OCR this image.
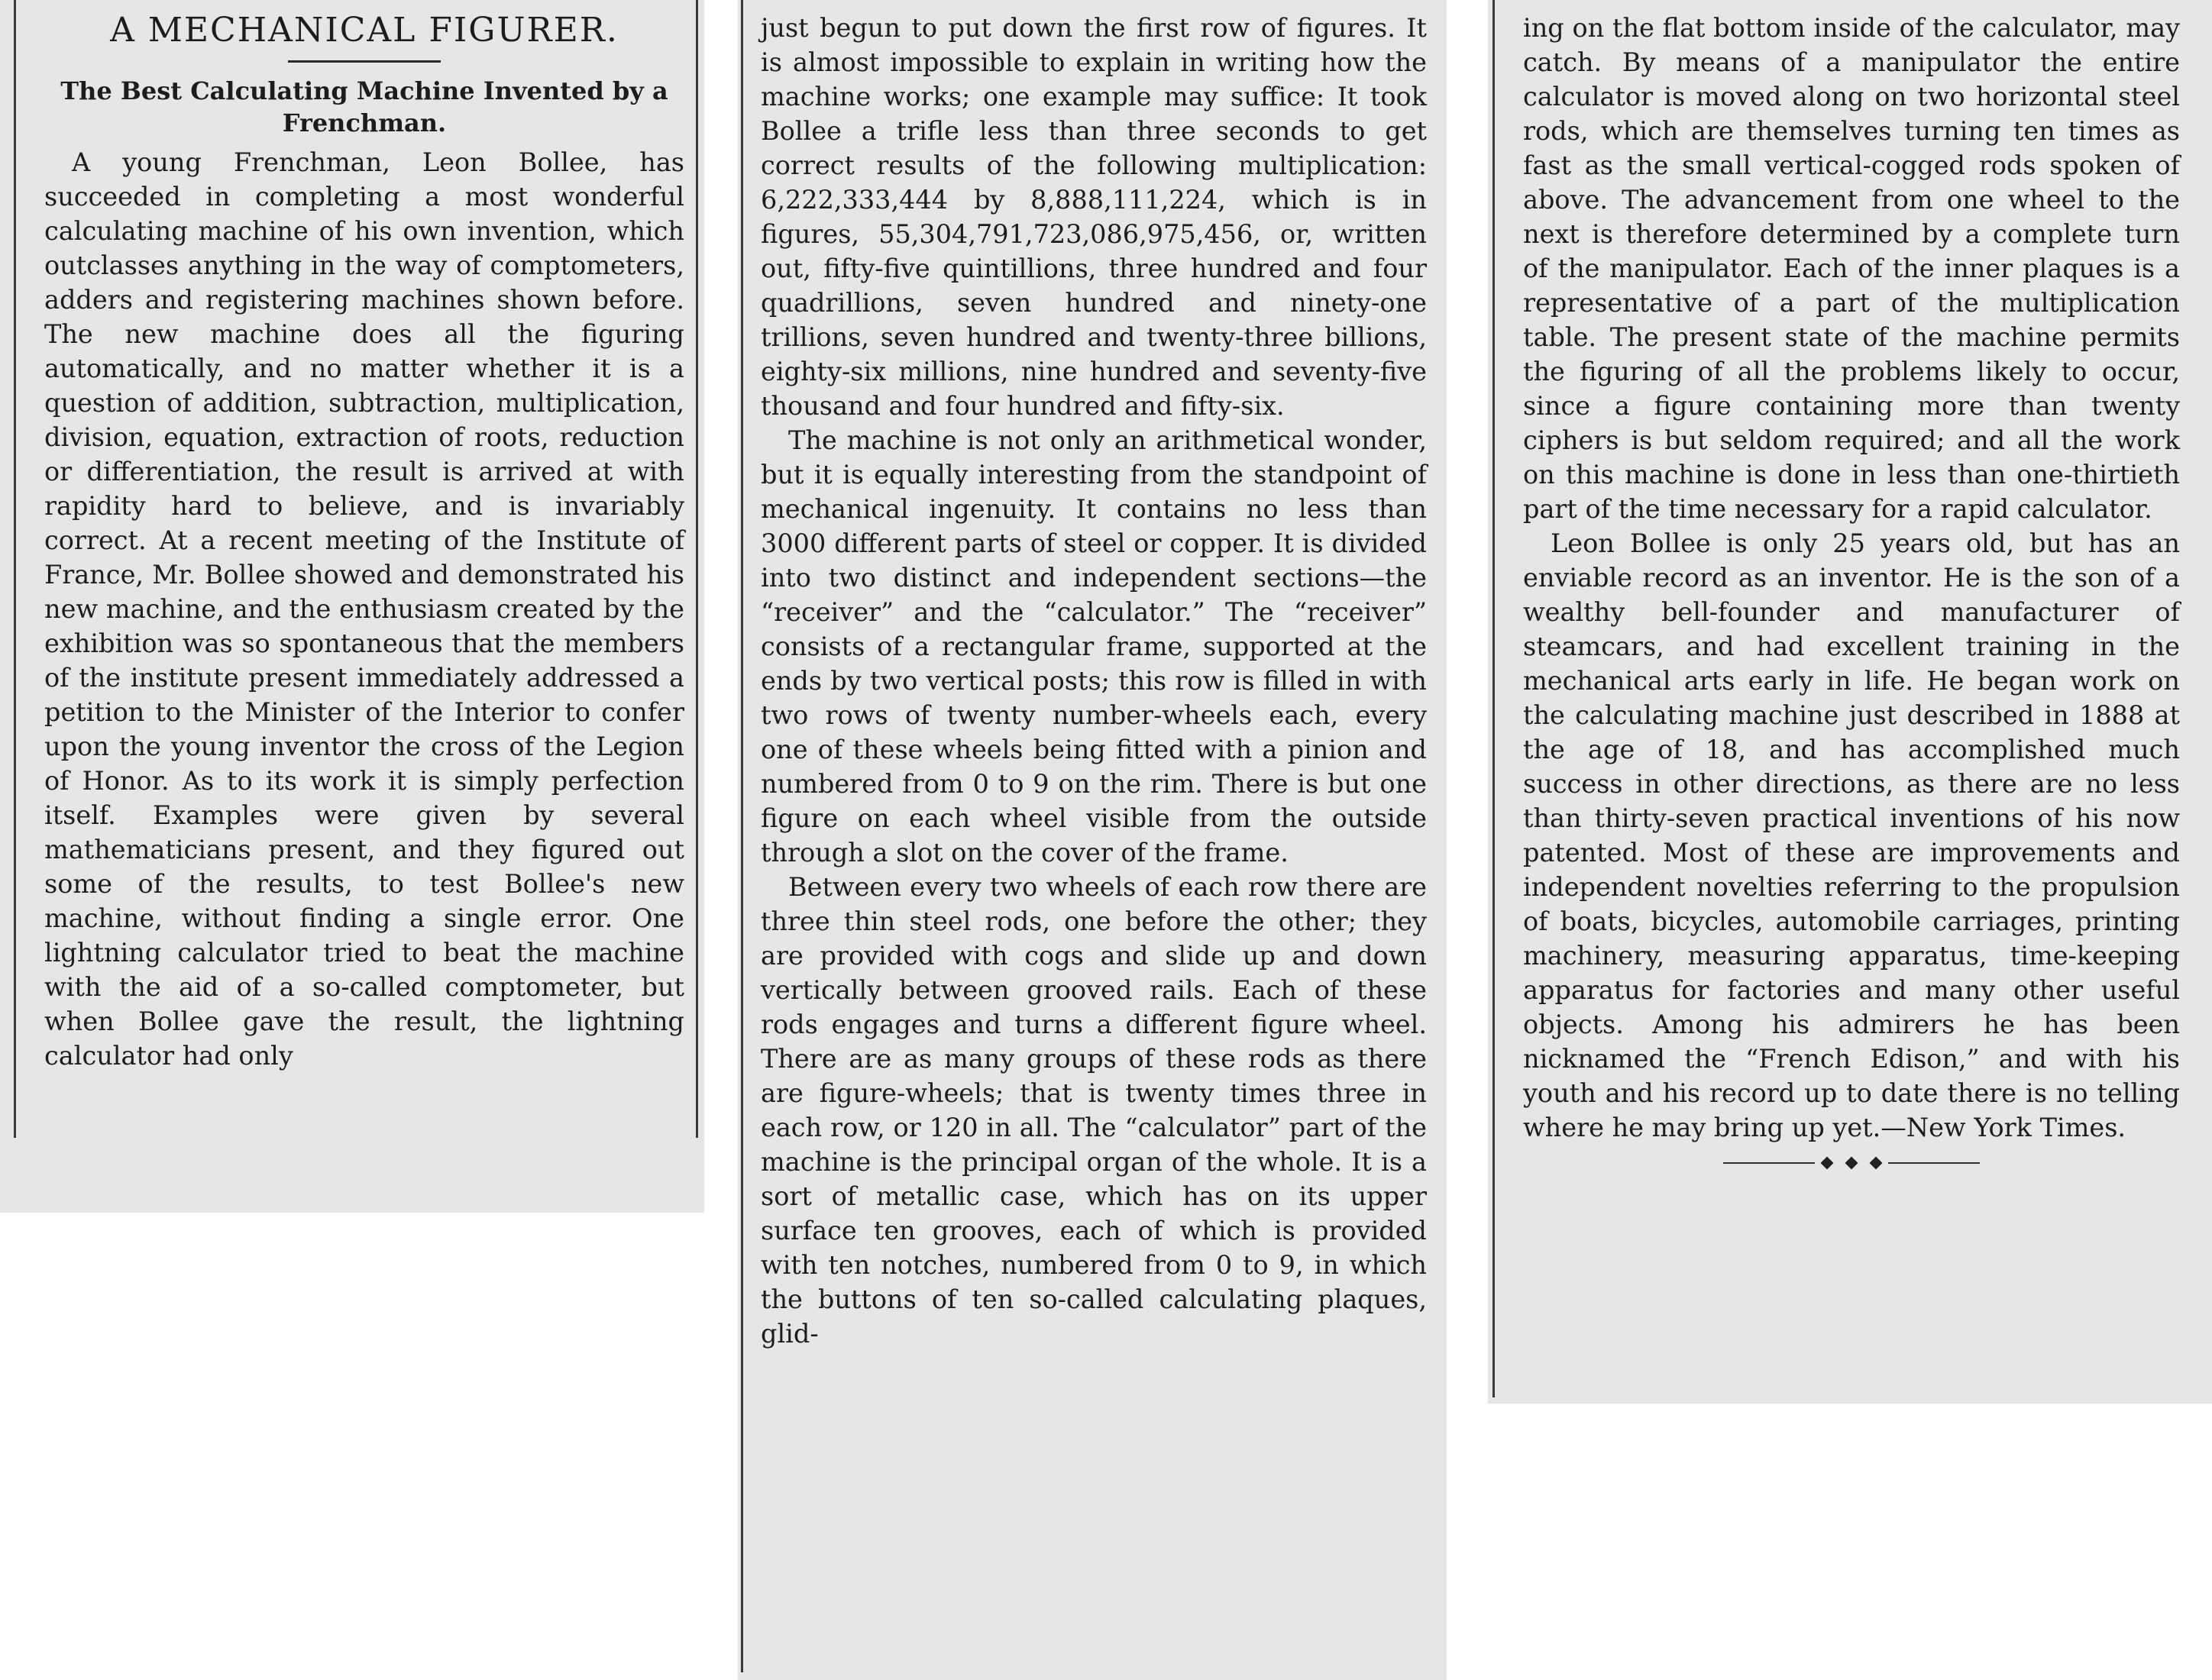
A MECHANICAL FIGURER.
The Best Calculating Machine Invented by a Frenchman.

A young Frenchman, Leon Bollee, has succeeded in completing a most wonderful calculating machine of his own invention, which outclasses anything in the way of comptometers, adders and registering machines shown before. The new machine does all the figuring automatically, and no matter whether it is a question of addition, subtraction, multiplication, division, equation, extraction of roots, reduction or differentiation, the result is arrived at with rapidity hard to believe, and is invariably correct. At a recent meeting of the Institute of France, Mr. Bollee showed and demonstrated his new machine, and the enthusiasm created by the exhibition was so spontaneous that the members of the institute present immediately addressed a petition to the Minister of the Interior to confer upon the young inventor the cross of the Legion of Honor. As to its work it is simply perfection itself. Examples were given by several mathematicians present, and they figured out some of the results, to test Bollee's new machine, without finding a single error. One lightning calculator tried to beat the machine with the aid of a so-called comptometer, but when Bollee gave the result, the lightning calculator had only

just begun to put down the first row of figures. It is almost impossible to explain in writing how the machine works; one example may suffice: It took Bollee a trifle less than three seconds to get correct results of the following multiplication: 6,222,333,444 by 8,888,111,224, which is in figures, 55,304,791,723,086,975,456, or, written out, fifty-five quintillions, three hundred and four quadrillions, seven hundred and ninety-one trillions, seven hundred and twenty-three billions, eighty-six millions, nine hundred and seventy-five thousand and four hundred and fifty-six.

The machine is not only an arithmetical wonder, but it is equally interesting from the standpoint of mechanical ingenuity. It contains no less than 3000 different parts of steel or copper. It is divided into two distinct and independent sections—the “receiver” and the “calculator.” The “receiver” consists of a rectangular frame, supported at the ends by two vertical posts; this row is filled in with two rows of twenty number-wheels each, every one of these wheels being fitted with a pinion and numbered from 0 to 9 on the rim. There is but one figure on each wheel visible from the outside through a slot on the cover of the frame.

Between every two wheels of each row there are three thin steel rods, one before the other; they are provided with cogs and slide up and down vertically between grooved rails. Each of these rods engages and turns a different figure wheel. There are as many groups of these rods as there are figure-wheels; that is twenty times three in each row, or 120 in all. The “calculator” part of the machine is the principal organ of the whole. It is a sort of metallic case, which has on its upper surface ten grooves, each of which is provided with ten notches, numbered from 0 to 9, in which the buttons of ten so-called calculating plaques, glid-

ing on the flat bottom inside of the calculator, may catch. By means of a manipulator the entire calculator is moved along on two horizontal steel rods, which are themselves turning ten times as fast as the small vertical-cogged rods spoken of above. The advancement from one wheel to the next is therefore determined by a complete turn of the manipulator. Each of the inner plaques is a representative of a part of the multiplication table. The present state of the machine permits the figuring of all the problems likely to occur, since a figure containing more than twenty ciphers is but seldom required; and all the work on this machine is done in less than one-thirtieth part of the time necessary for a rapid calculator.

Leon Bollee is only 25 years old, but has an enviable record as an inventor. He is the son of a wealthy bell-founder and manufacturer of steamcars, and had excellent training in the mechanical arts early in life. He began work on the calculating machine just described in 1888 at the age of 18, and has accomplished much success in other directions, as there are no less than thirty-seven practical inventions of his now patented. Most of these are improvements and independent novelties referring to the propulsion of boats, bicycles, automobile carriages, printing machinery, measuring apparatus, time-keeping apparatus for factories and many other useful objects. Among his admirers he has been nicknamed the “French Edison,” and with his youth and his record up to date there is no telling where he may bring up yet.—New York Times.
